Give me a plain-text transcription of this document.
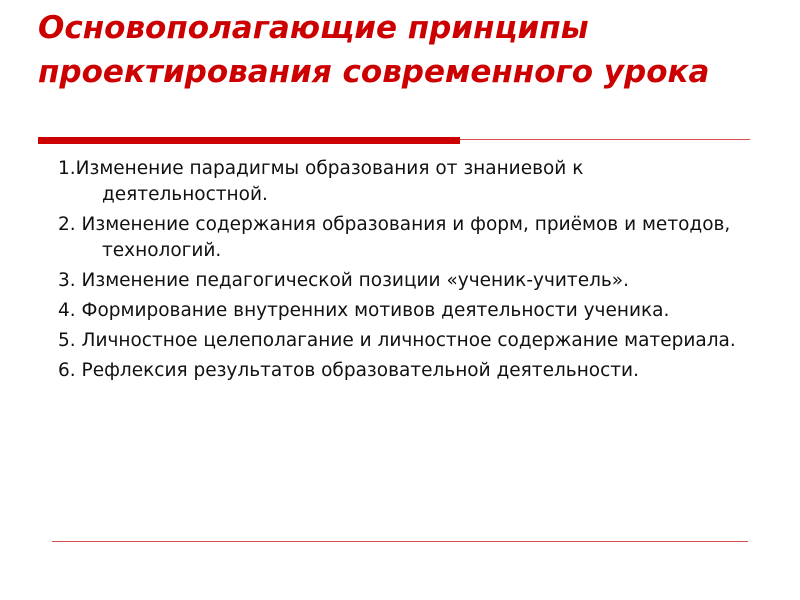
Основополагающие принципы проектирования современного урока
1.Изменение парадигмы образования от знаниевой к деятельностной.
2. Изменение содержания образования и форм, приёмов и методов, технологий.
3. Изменение педагогической позиции «ученик-учитель».
4. Формирование внутренних мотивов деятельности ученика.
5. Личностное целеполагание и личностное содержание материала.
6. Рефлексия результатов образовательной деятельности.
